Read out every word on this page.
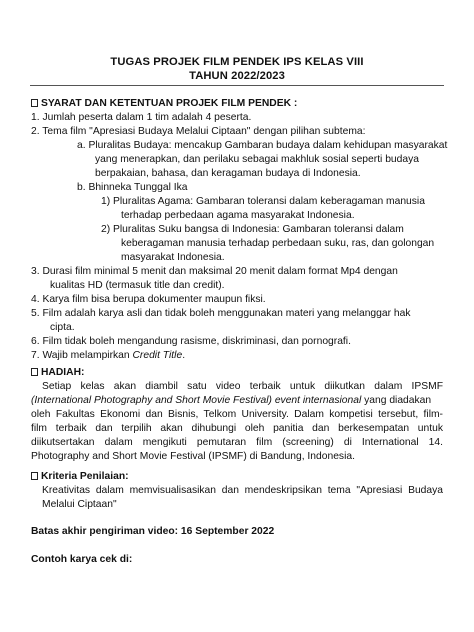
TUGAS PROJEK FILM PENDEK IPS KELAS VIII
TAHUN 2022/2023
SYARAT DAN KETENTUAN PROJEK FILM PENDEK :
1. Jumlah peserta dalam 1 tim adalah 4 peserta.
2. Tema film "Apresiasi Budaya Melalui Ciptaan" dengan pilihan subtema:
a. Pluralitas Budaya: mencakup Gambaran budaya dalam kehidupan masyarakat
yang menerapkan, dan perilaku sebagai makhluk sosial seperti budaya
berpakaian, bahasa, dan keragaman budaya di Indonesia.
b. Bhinneka Tunggal Ika
1) Pluralitas Agama: Gambaran toleransi dalam keberagaman manusia
terhadap perbedaan agama masyarakat Indonesia.
2) Pluralitas Suku bangsa di Indonesia: Gambaran toleransi dalam
keberagaman manusia terhadap perbedaan suku, ras, dan golongan
masyarakat Indonesia.
3. Durasi film minimal 5 menit dan maksimal 20 menit dalam format Mp4 dengan
kualitas HD (termasuk title dan credit).
4. Karya film bisa berupa dokumenter maupun fiksi.
5. Film adalah karya asli dan tidak boleh menggunakan materi yang melanggar hak
cipta.
6. Film tidak boleh mengandung rasisme, diskriminasi, dan pornografi.
7. Wajib melampirkan Credit Title.
HADIAH:
Setiap kelas akan diambil satu video terbaik untuk diikutkan dalam IPSMF
(International Photography and Short Movie Festival) event internasional yang diadakan
oleh Fakultas Ekonomi dan Bisnis, Telkom University. Dalam kompetisi tersebut, film-
film terbaik dan terpilih akan dihubungi oleh panitia dan berkesempatan untuk
diikutsertakan dalam mengikuti pemutaran film (screening) di International 14.
Photography and Short Movie Festival (IPSMF) di Bandung, Indonesia.
Kriteria Penilaian:
Kreativitas dalam memvisualisasikan dan mendeskripsikan tema "Apresiasi Budaya
Melalui Ciptaan"
Batas akhir pengiriman video: 16 September 2022
Contoh karya cek di:
